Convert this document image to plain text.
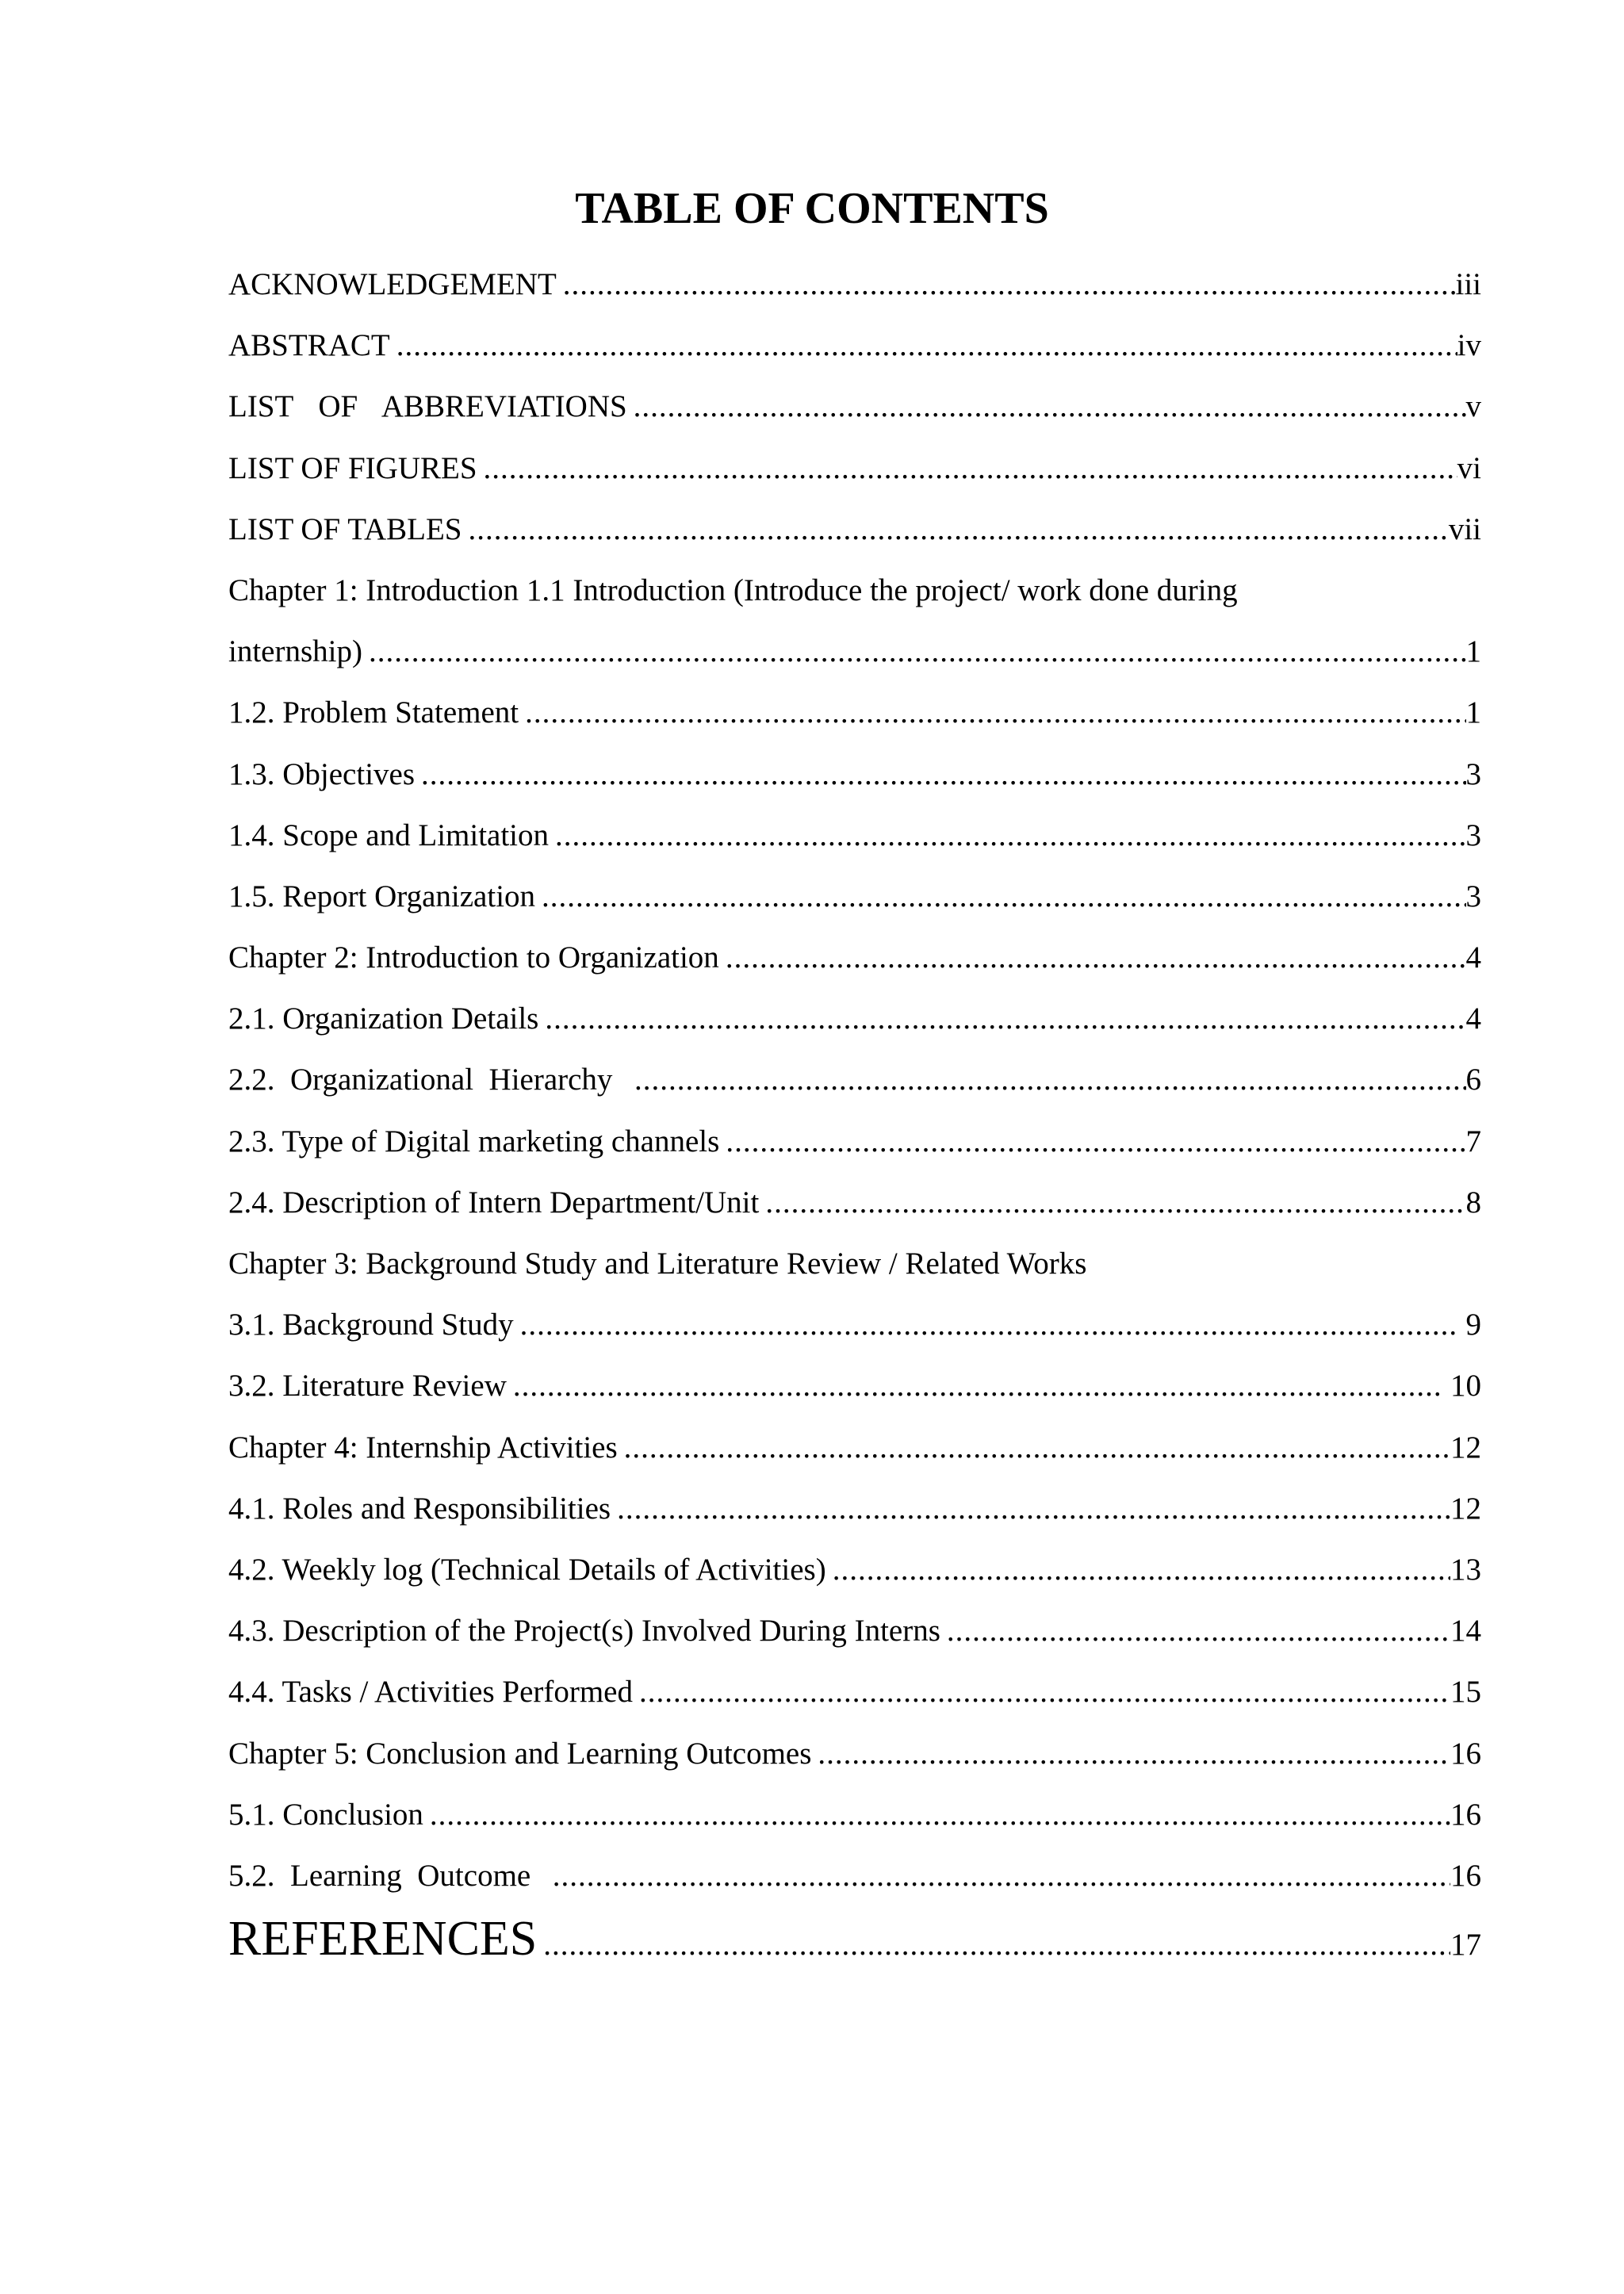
TABLE OF CONTENTS
ACKNOWLEDGEMENT .....	iii
ABSTRACT .....	iv
LIST OF ABBREVIATIONS .....	v
LIST OF FIGURES .....	vi
LIST OF TABLES .....	vii
Chapter 1: Introduction 1.1 Introduction (Introduce the project/ work done during
internship) .....	1
1.2. Problem Statement .....	1
1.3. Objectives .....	3
1.4. Scope and Limitation .....	3
1.5. Report Organization .....	3
Chapter 2: Introduction to Organization .....	4
2.1. Organization Details .....	4
2.2.  Organizational  Hierarchy .....	6
2.3. Type of Digital marketing channels .....	7
2.4. Description of Intern Department/Unit .....	8
Chapter 3: Background Study and Literature Review / Related Works
3.1. Background Study .....	9
3.2. Literature Review .....	10
Chapter 4: Internship Activities .....	12
4.1. Roles and Responsibilities .....	12
4.2. Weekly log (Technical Details of Activities) .....	13
4.3. Description of the Project(s) Involved During Interns .....	14
4.4. Tasks / Activities Performed .....	15
Chapter 5: Conclusion and Learning Outcomes .....	16
5.1. Conclusion .....	16
5.2.  Learning  Outcome .....	16
REFERENCES .....	17
